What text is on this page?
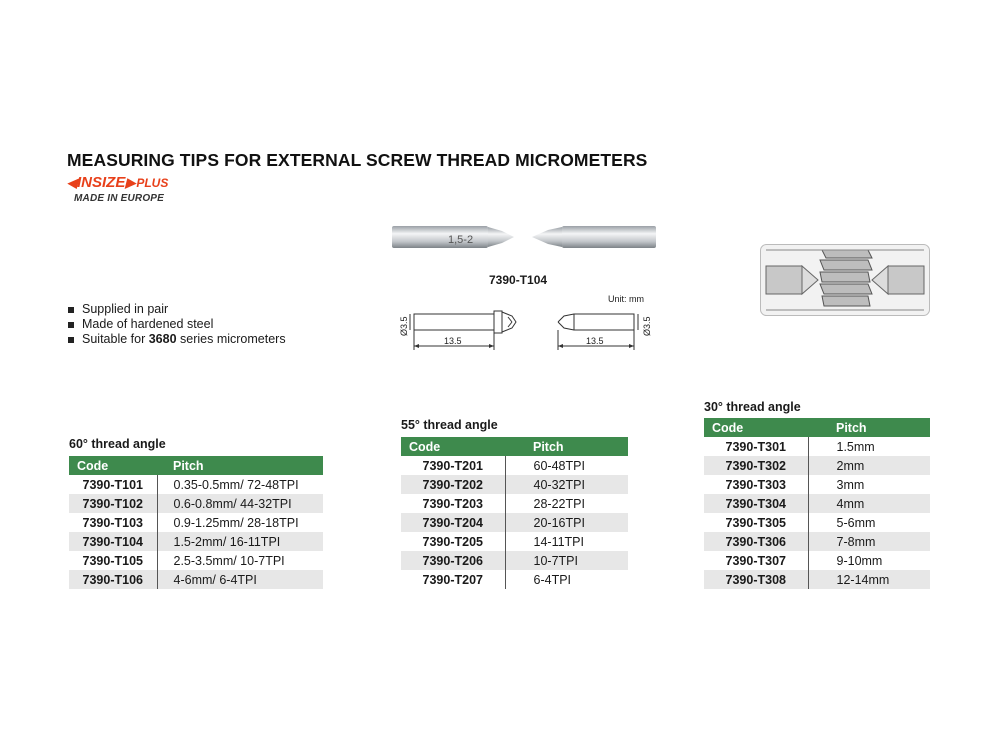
MEASURING TIPS FOR EXTERNAL SCREW THREAD MICROMETERS
◀ INSIZE ▶ PLUS
MADE IN EUROPE
1,5-2
7390-T104
Unit: mm
13.5	13.5
Ø3.5	Ø3.5
Supplied in pair
Made of hardened steel
Suitable for 3680 series micrometers
60° thread angle
Code	Pitch
7390-T101	0.35-0.5mm/ 72-48TPI
7390-T102	0.6-0.8mm/ 44-32TPI
7390-T103	0.9-1.25mm/ 28-18TPI
7390-T104	1.5-2mm/ 16-11TPI
7390-T105	2.5-3.5mm/ 10-7TPI
7390-T106	4-6mm/ 6-4TPI
55° thread angle
Code	Pitch
7390-T201	60-48TPI
7390-T202	40-32TPI
7390-T203	28-22TPI
7390-T204	20-16TPI
7390-T205	14-11TPI
7390-T206	10-7TPI
7390-T207	6-4TPI
30° thread angle
Code	Pitch
7390-T301	1.5mm
7390-T302	2mm
7390-T303	3mm
7390-T304	4mm
7390-T305	5-6mm
7390-T306	7-8mm
7390-T307	9-10mm
7390-T308	12-14mm
